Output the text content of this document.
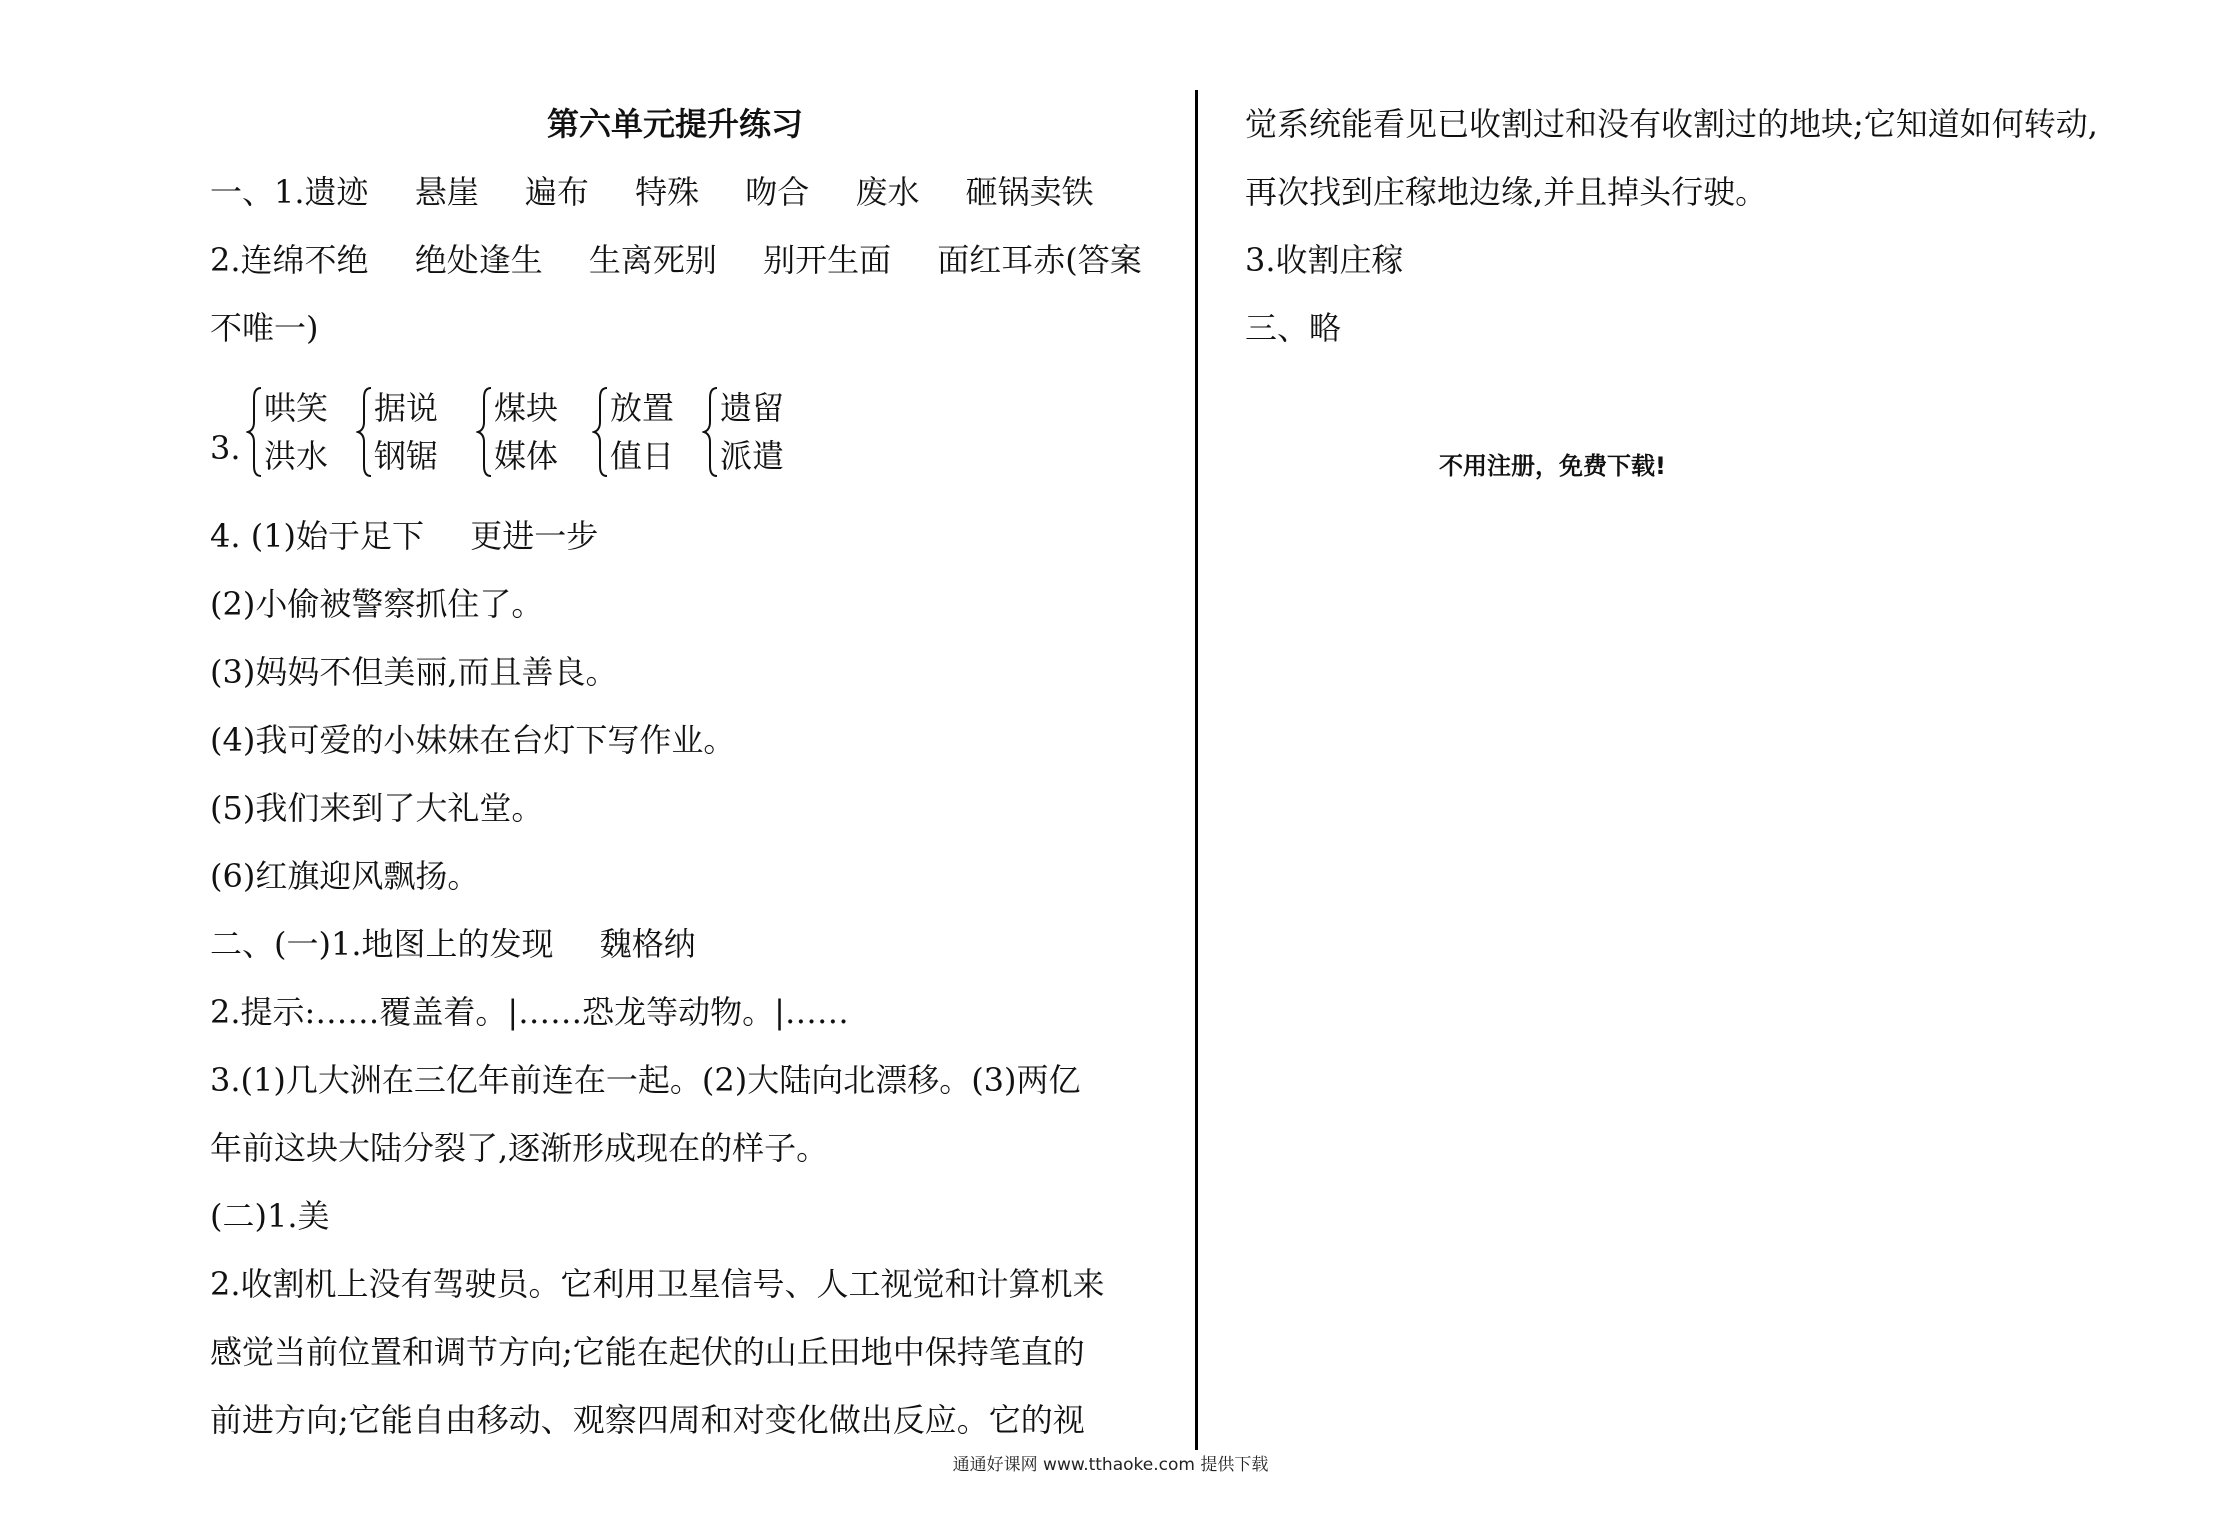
第六单元提升练习
一、1.遗迹 悬崖 遍布 特殊 吻合 废水 砸锅卖铁
2.连绵不绝 绝处逢生 生离死别 别开生面 面红耳赤(答案
不唯一)
3.
哄笑
洪水
据说
钢锯
煤块
媒体
放置
值日
遗留
派遣
4. (1)始于足下 更进一步
(2)小偷被警察抓住了。
(3)妈妈不但美丽,而且善良。
(4)我可爱的小妹妹在台灯下写作业。
(5)我们来到了大礼堂。
(6)红旗迎风飘扬。
二、(一)1.地图上的发现 魏格纳
2.提示:……覆盖着。|……恐龙等动物。|……
3.(1)几大洲在三亿年前连在一起。(2)大陆向北漂移。(3)两亿
年前这块大陆分裂了,逐渐形成现在的样子。
(二)1.美
2.收割机上没有驾驶员。它利用卫星信号、人工视觉和计算机来
感觉当前位置和调节方向;它能在起伏的山丘田地中保持笔直的
前进方向;它能自由移动、观察四周和对变化做出反应。它的视
觉系统能看见已收割过和没有收割过的地块;它知道如何转动,
再次找到庄稼地边缘,并且掉头行驶。
3.收割庄稼
三、略
不用注册，免费下载!
通通好课网 www.tthaoke.com 提供下载
